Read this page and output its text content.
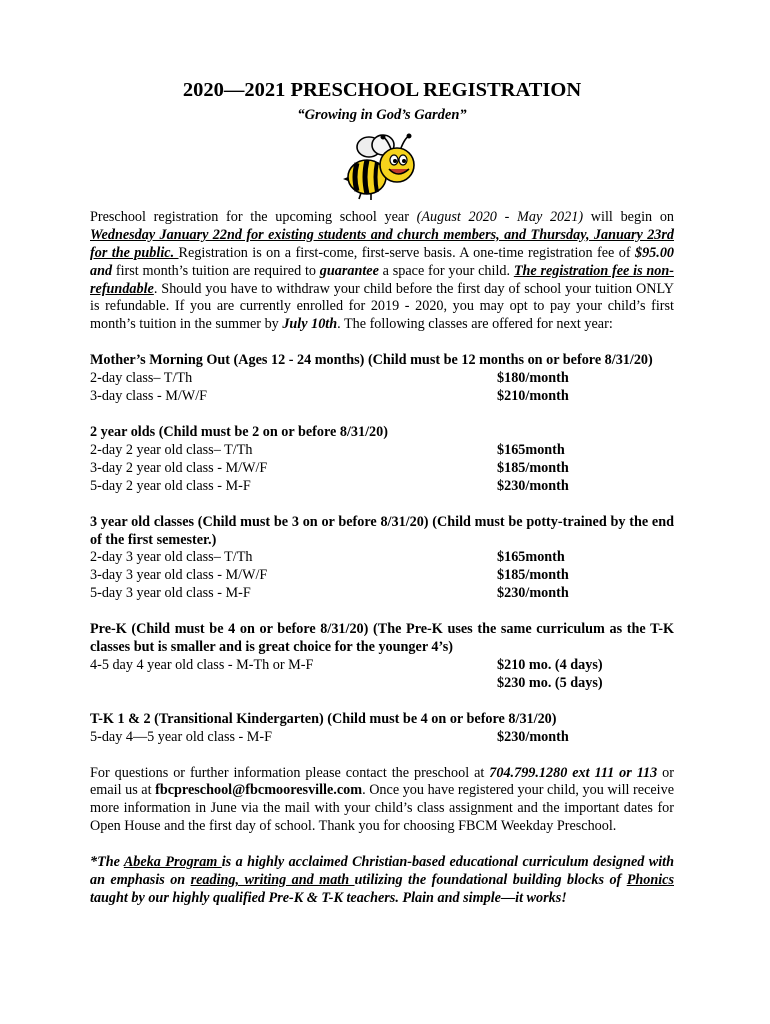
2020—2021 PRESCHOOL REGISTRATION
“Growing in God’s Garden”
Preschool registration for the upcoming school year (August 2020 - May 2021) will begin on Wednesday January 22nd for existing students and church members, and Thursday, January 23rd for the public. Registration is on a first-come, first-serve basis. A one-time registration fee of $95.00 and first month’s tuition are required to guarantee a space for your child. The registration fee is non-refundable. Should you have to withdraw your child before the first day of school your tuition ONLY is refundable. If you are currently enrolled for 2019 - 2020, you may opt to pay your child’s first month’s tuition in the summer by July 10th. The following classes are offered for next year:
Mother’s Morning Out (Ages 12 - 24 months) (Child must be 12 months on or before 8/31/20)
2-day class– T/Th	$180/month
3-day class - M/W/F	$210/month
2 year olds (Child must be 2 on or before 8/31/20)
2-day 2 year old class– T/Th	$165month
3-day 2 year old class - M/W/F	$185/month
5-day 2 year old class - M-F	$230/month
3 year old classes (Child must be 3 on or before 8/31/20) (Child must be potty-trained by the end of the first semester.)
2-day 3 year old class– T/Th	$165month
3-day 3 year old class - M/W/F	$185/month
5-day 3 year old class - M-F	$230/month
Pre-K (Child must be 4 on or before 8/31/20) (The Pre-K uses the same curriculum as the T-K classes but is smaller and is great choice for the younger 4’s)
4-5 day 4 year old class - M-Th or M-F	$210 mo. (4 days)
$230 mo. (5 days)
T-K 1 & 2 (Transitional Kindergarten) (Child must be 4 on or before 8/31/20)
5-day 4—5 year old class - M-F	$230/month
For questions or further information please contact the preschool at 704.799.1280 ext 111 or 113 or email us at fbcpreschool@fbcmooresville.com. Once you have registered your child, you will receive more information in June via the mail with your child’s class assignment and the important dates for Open House and the first day of school. Thank you for choosing FBCM Weekday Preschool.
*The Abeka Program is a highly acclaimed Christian-based educational curriculum designed with an emphasis on reading, writing and math utilizing the foundational building blocks of Phonics taught by our highly qualified Pre-K & T-K teachers. Plain and simple—it works!
